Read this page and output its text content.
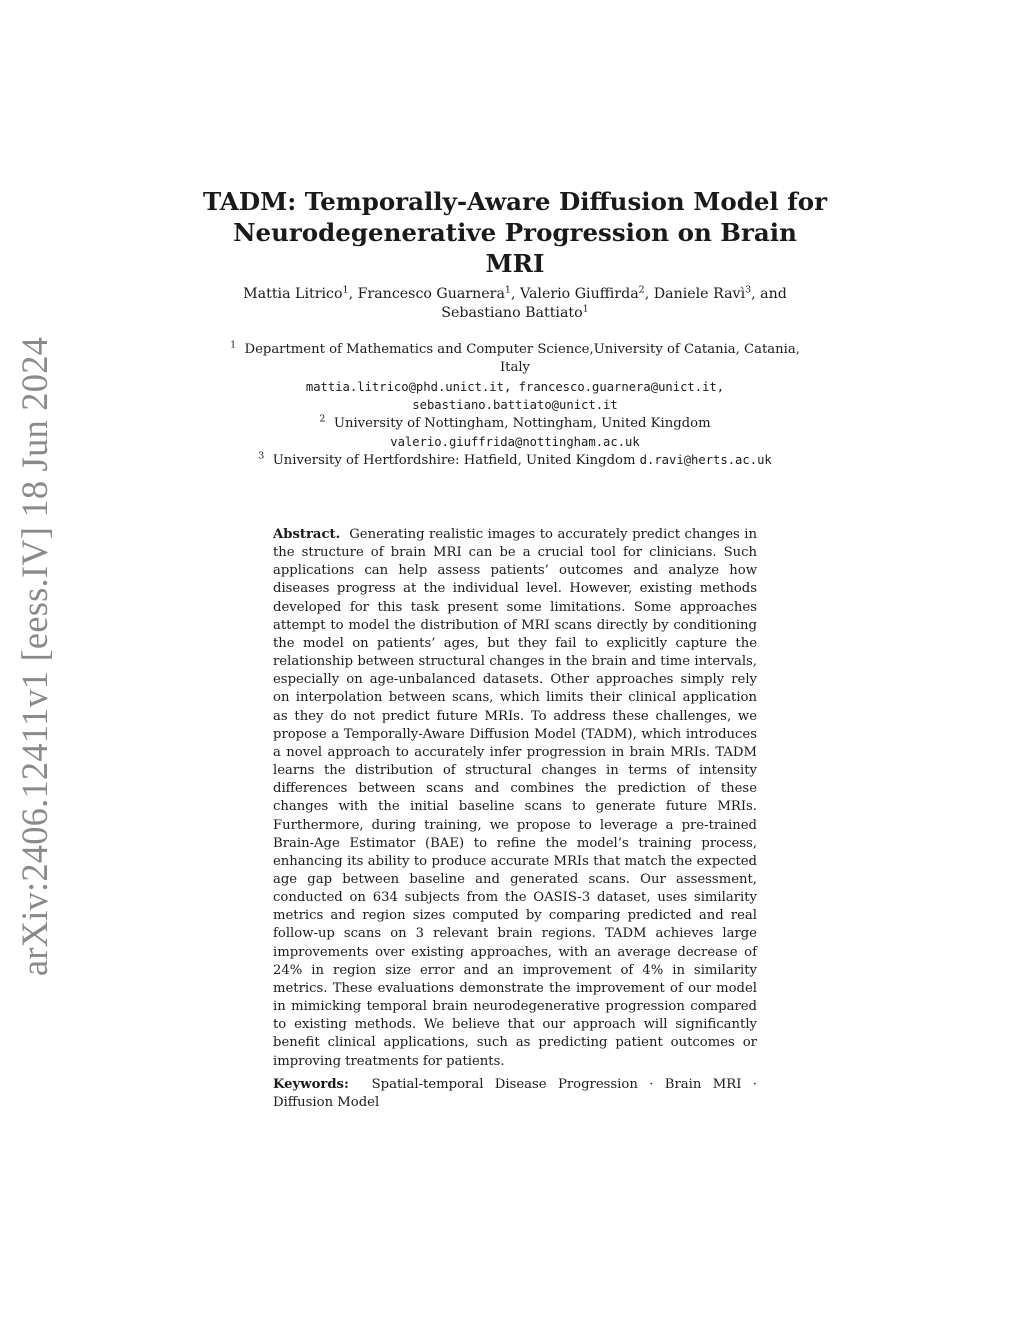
arXiv:2406.12411v1 [eess.IV] 18 Jun 2024
TADM: Temporally-Aware Diffusion Model for
Neurodegenerative Progression on Brain MRI
Mattia Litrico$^1$, Francesco Guarnera$^1$, Valerio Giuffirda$^2$, Daniele Ravì$^3$, and
Sebastiano Battiato$^1$
$^1$ Department of Mathematics and Computer Science,University of Catania, Catania,
Italy
mattia.litrico@phd.unict.it, francesco.guarnera@unict.it,
sebastiano.battiato@unict.it
$^2$ University of Nottingham, Nottingham, United Kingdom
valerio.giuffrida@nottingham.ac.uk
$^3$ University of Hertfordshire: Hatfield, United Kingdom d.ravi@herts.ac.uk
Abstract. Generating realistic images to accurately predict changes in the structure of brain MRI can be a crucial tool for clinicians. Such applications can help assess patients’ outcomes and analyze how diseases progress at the individual level. However, existing methods developed for this task present some limitations. Some approaches attempt to model the distribution of MRI scans directly by conditioning the model on patients’ ages, but they fail to explicitly capture the relationship between structural changes in the brain and time intervals, especially on age-unbalanced datasets. Other approaches simply rely on interpolation between scans, which limits their clinical application as they do not predict future MRIs. To address these challenges, we propose a Temporally-Aware Diffusion Model (TADM), which introduces a novel approach to accurately infer progression in brain MRIs. TADM learns the distribution of structural changes in terms of intensity differences between scans and combines the prediction of these changes with the initial baseline scans to generate future MRIs. Furthermore, during training, we propose to leverage a pre-trained Brain-Age Estimator (BAE) to refine the model’s training process, enhancing its ability to produce accurate MRIs that match the expected age gap between baseline and generated scans. Our assessment, conducted on 634 subjects from the OASIS-3 dataset, uses similarity metrics and region sizes computed by comparing predicted and real follow-up scans on 3 relevant brain regions. TADM achieves large improvements over existing approaches, with an average decrease of 24% in region size error and an improvement of 4% in similarity metrics. These evaluations demonstrate the improvement of our model in mimicking temporal brain neurodegenerative progression compared to existing methods. We believe that our approach will significantly benefit clinical applications, such as predicting patient outcomes or improving treatments for patients.
Keywords: Spatial-temporal Disease Progression · Brain MRI · Diffusion Model
